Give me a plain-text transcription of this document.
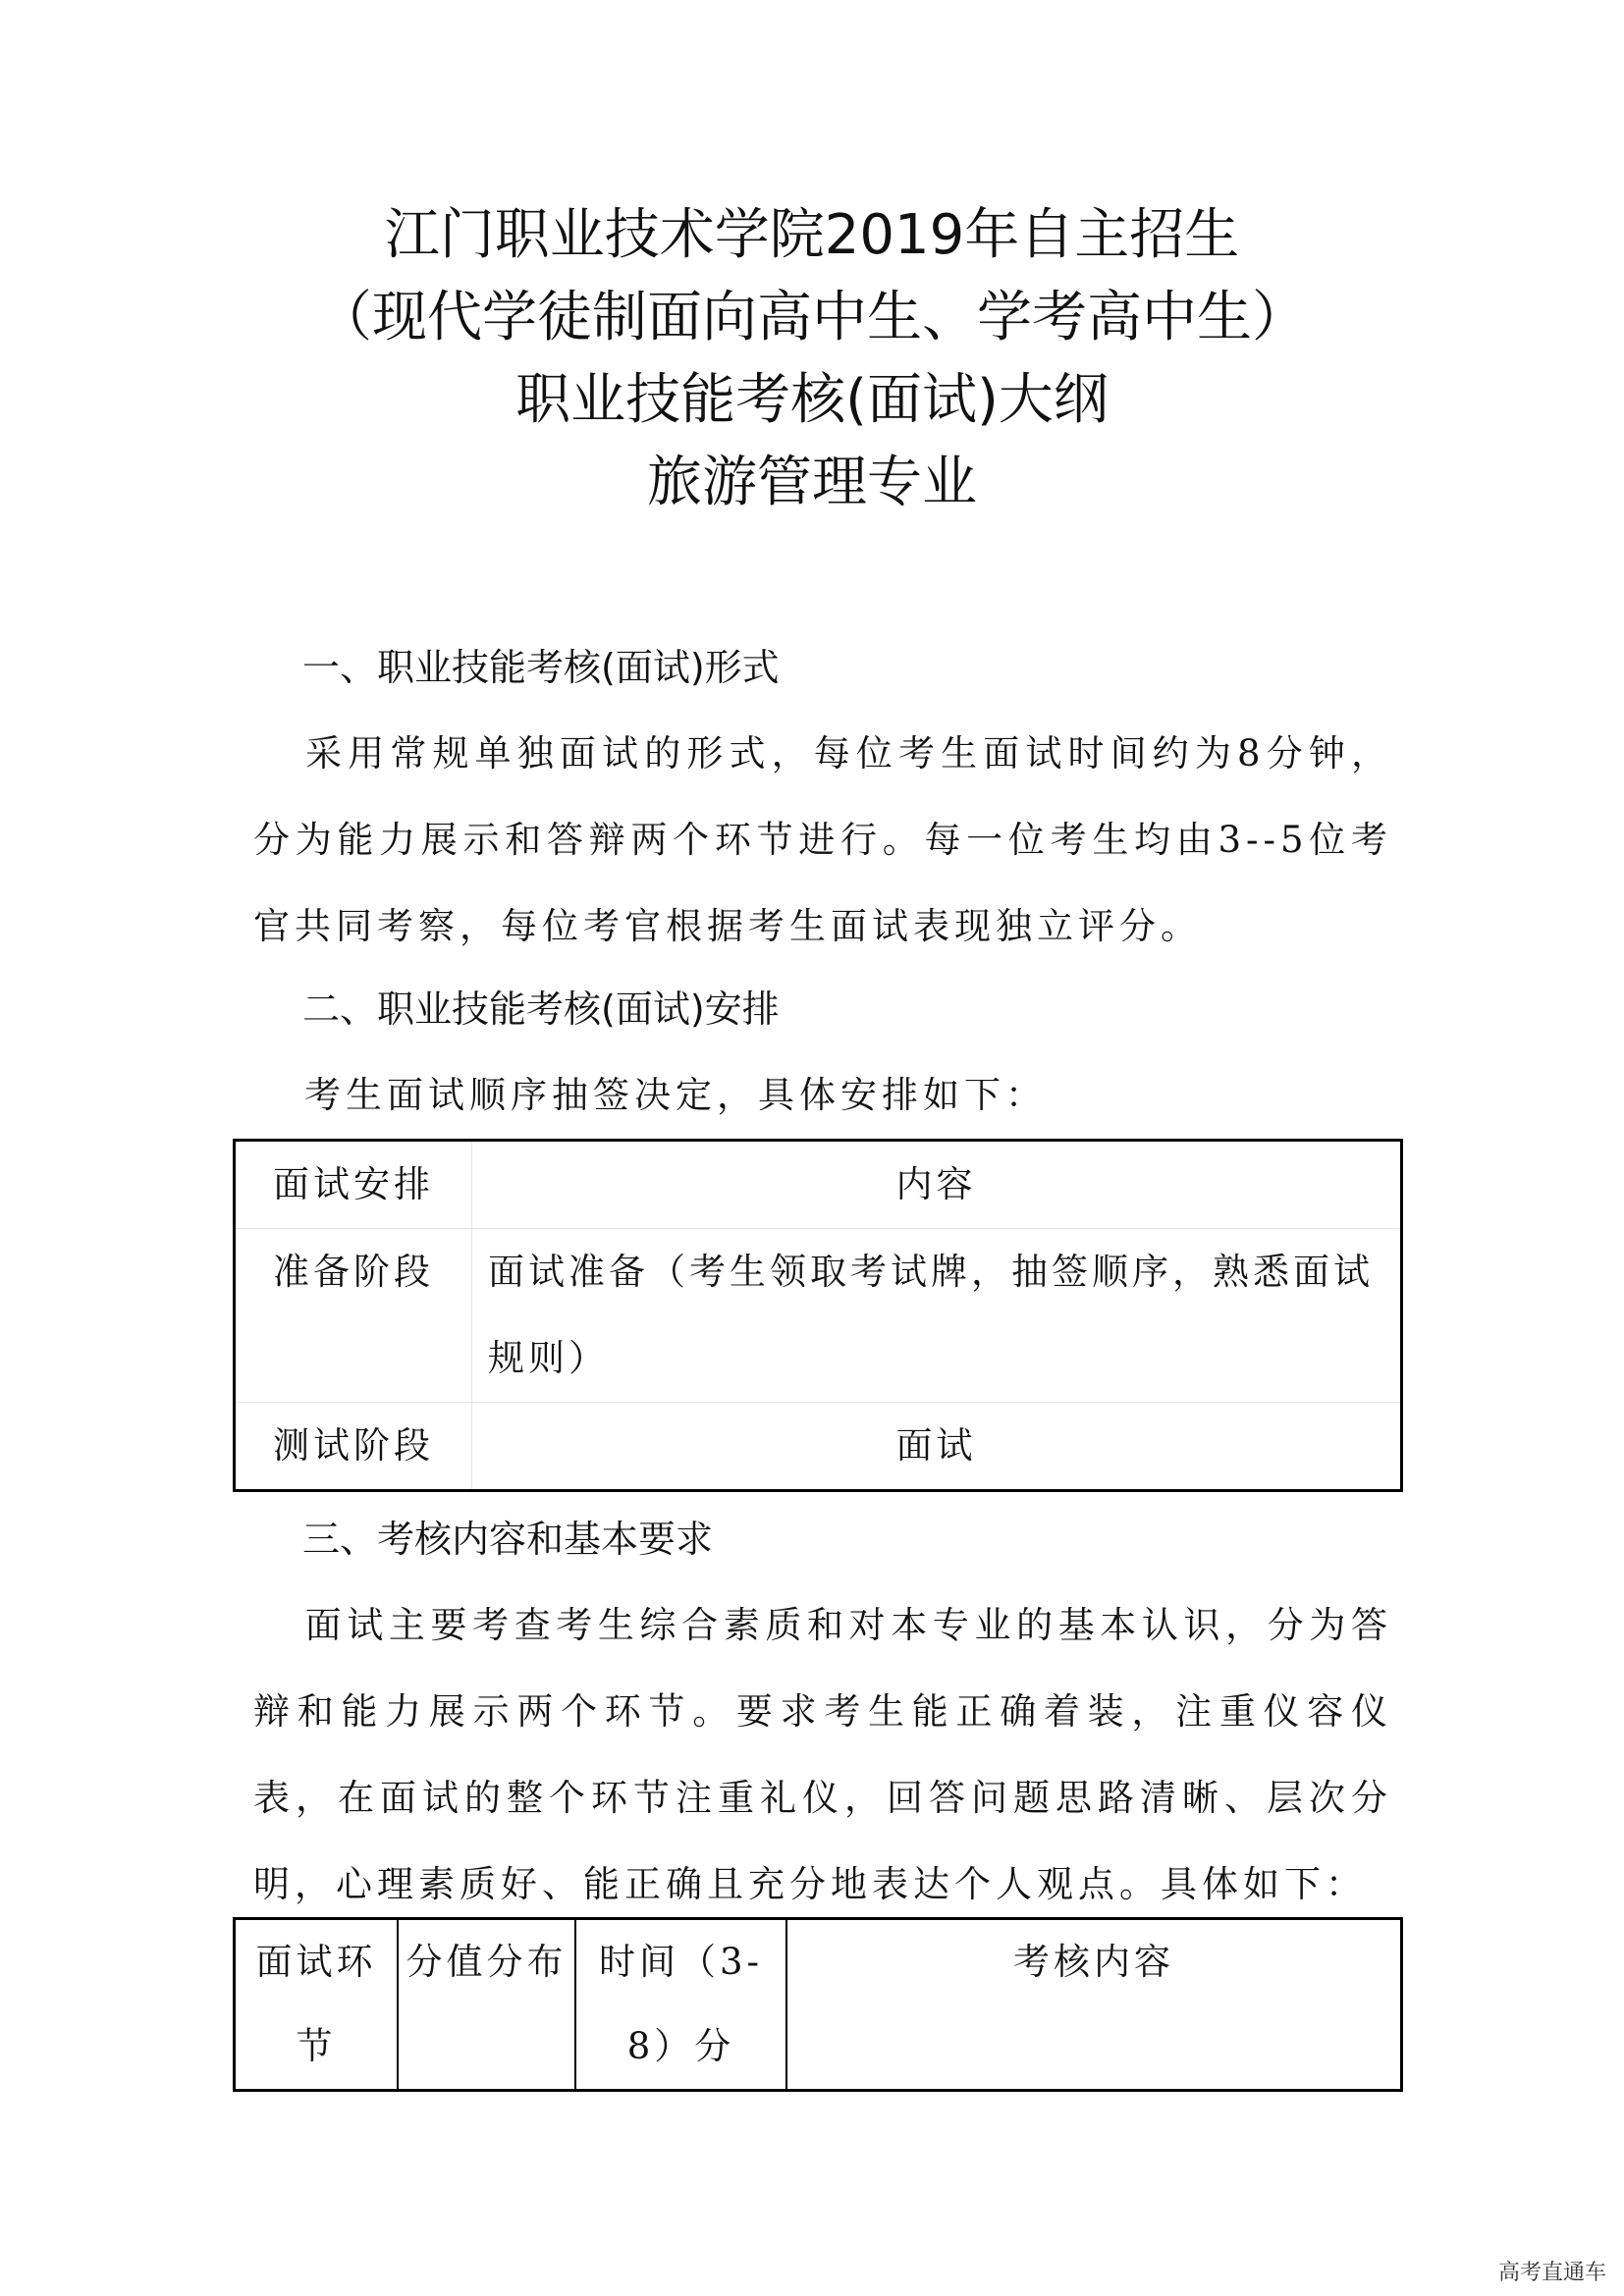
江门职业技术学院2019年自主招生
（现代学徒制面向高中生、学考高中生）
职业技能考核(面试)大纲
旅游管理专业
一、职业技能考核(面试)形式
采用常规单独面试的形式，每位考生面试时间约为8分钟，分为能力展示和答辩两个环节进行。每一位考生均由3--5位考官共同考察，每位考官根据考生面试表现独立评分。
二、职业技能考核(面试)安排
考生面试顺序抽签决定，具体安排如下：
面试安排	内容
准备阶段	面试准备（考生领取考试牌，抽签顺序，熟悉面试规则）
测试阶段	面试
三、考核内容和基本要求
面试主要考查考生综合素质和对本专业的基本认识，分为答辩和能力展示两个环节。要求考生能正确着装，注重仪容仪表，在面试的整个环节注重礼仪，回答问题思路清晰、层次分明，心理素质好、能正确且充分地表达个人观点。具体如下：
面试环节	分值分布	时间（3-8）分	考核内容
高考直通车
